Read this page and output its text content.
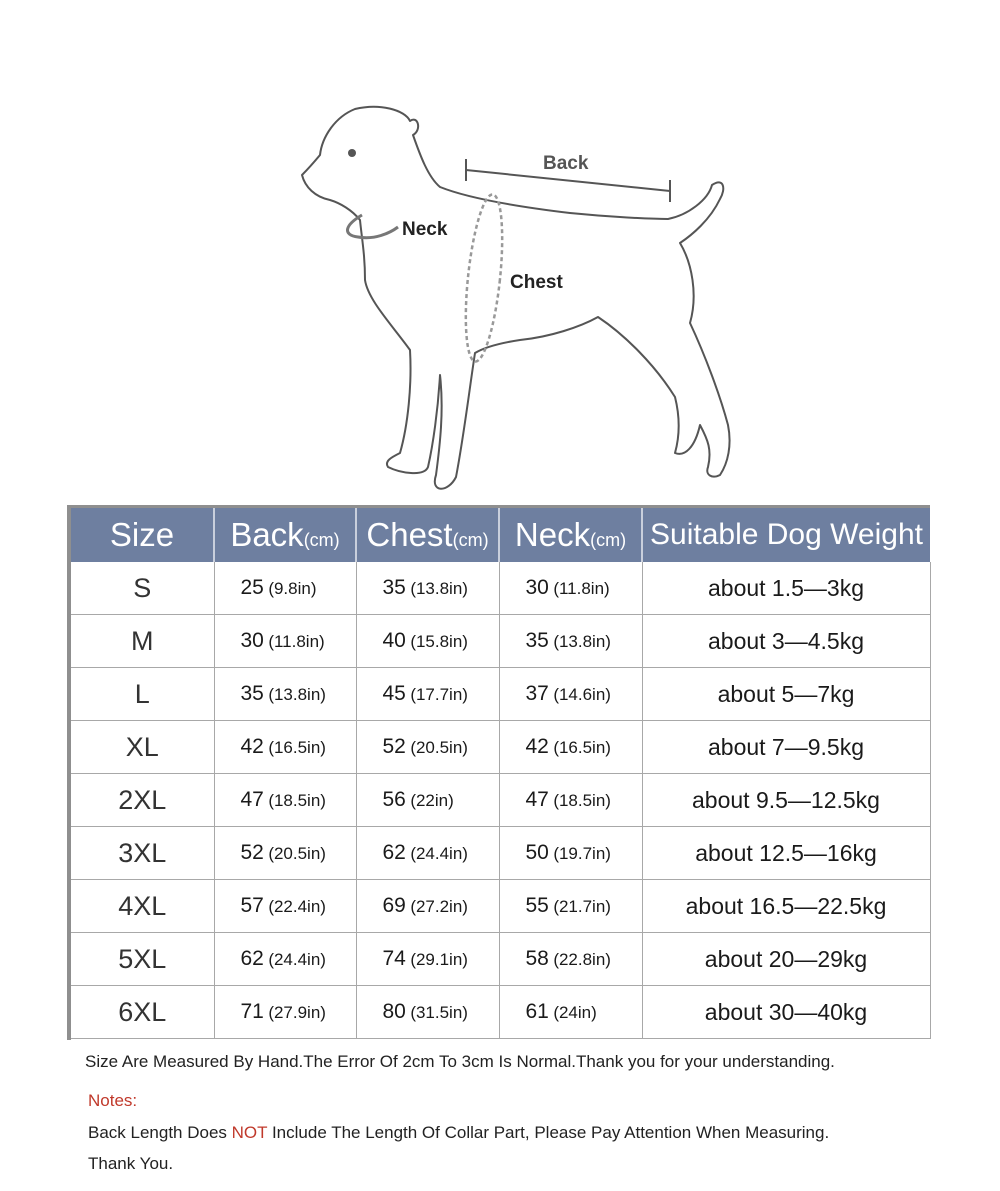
Back
Neck
Chest
Size	Back(cm)	Chest(cm)	Neck(cm)	Suitable Dog Weight
S	25 (9.8in)	35 (13.8in)	30 (11.8in)	about 1.5—3kg
M	30 (11.8in)	40 (15.8in)	35 (13.8in)	about 3—4.5kg
L	35 (13.8in)	45 (17.7in)	37 (14.6in)	about 5—7kg
XL	42 (16.5in)	52 (20.5in)	42 (16.5in)	about 7—9.5kg
2XL	47 (18.5in)	56 (22in)	47 (18.5in)	about 9.5—12.5kg
3XL	52 (20.5in)	62 (24.4in)	50 (19.7in)	about 12.5—16kg
4XL	57 (22.4in)	69 (27.2in)	55 (21.7in)	about 16.5—22.5kg
5XL	62 (24.4in)	74 (29.1in)	58 (22.8in)	about 20—29kg
6XL	71 (27.9in)	80 (31.5in)	61 (24in)	about 30—40kg
Size Are Measured By Hand.The Error Of 2cm To 3cm Is Normal.Thank you for your understanding.
Notes:
Back Length Does NOT Include The Length Of Collar Part, Please Pay Attention When Measuring.
Thank You.
